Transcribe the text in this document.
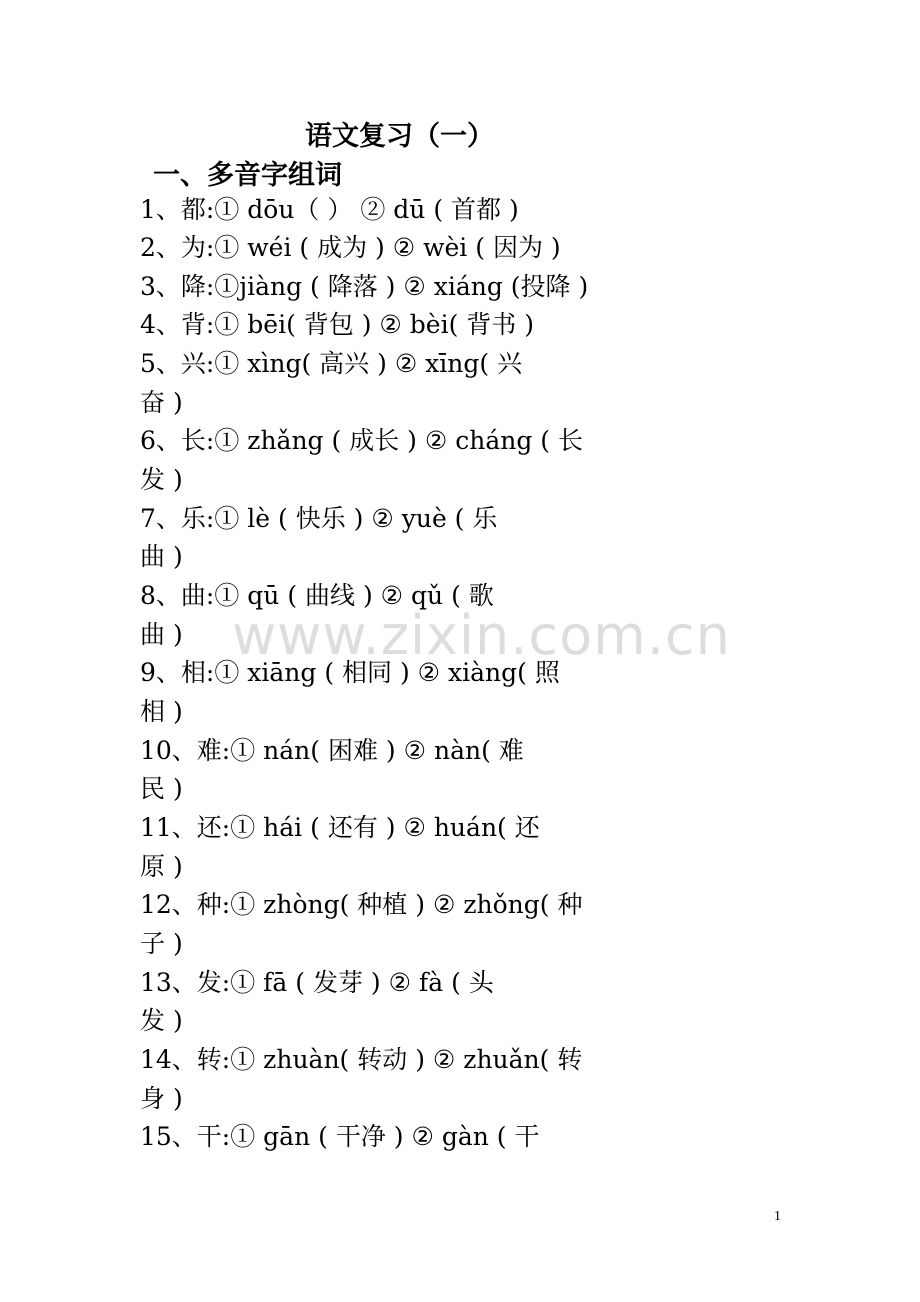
语文复习（一）
一、多音字组词
1、都:① dōu（ ） ② dū ( 首都 )
2、为:① wéi ( 成为 ) ② wèi ( 因为 )
3、降:①jiàng ( 降落 ) ② xiáng (投降 )
4、背:① bēi( 背包 ) ② bèi( 背书 )
5、兴:① xìng( 高兴 ) ② xīng( 兴
奋 )
6、长:① zhǎng ( 成长 ) ② cháng ( 长
发 )
7、乐:① lè ( 快乐 ) ② yuè ( 乐
曲 )
8、曲:① qū ( 曲线 ) ② qǔ ( 歌
曲 )
9、相:① xiāng ( 相同 ) ② xiàng( 照
相 )
10、难:① nán( 困难 ) ② nàn( 难
民 )
11、还:① hái ( 还有 ) ② huán( 还
原 )
12、种:① zhòng( 种植 ) ② zhǒng( 种
子 )
13、发:① fā ( 发芽 ) ② fà ( 头
发 )
14、转:① zhuàn( 转动 ) ② zhuǎn( 转
身 )
15、干:① gān ( 干净 ) ② gàn ( 干
www.zixin.com.cn
1
